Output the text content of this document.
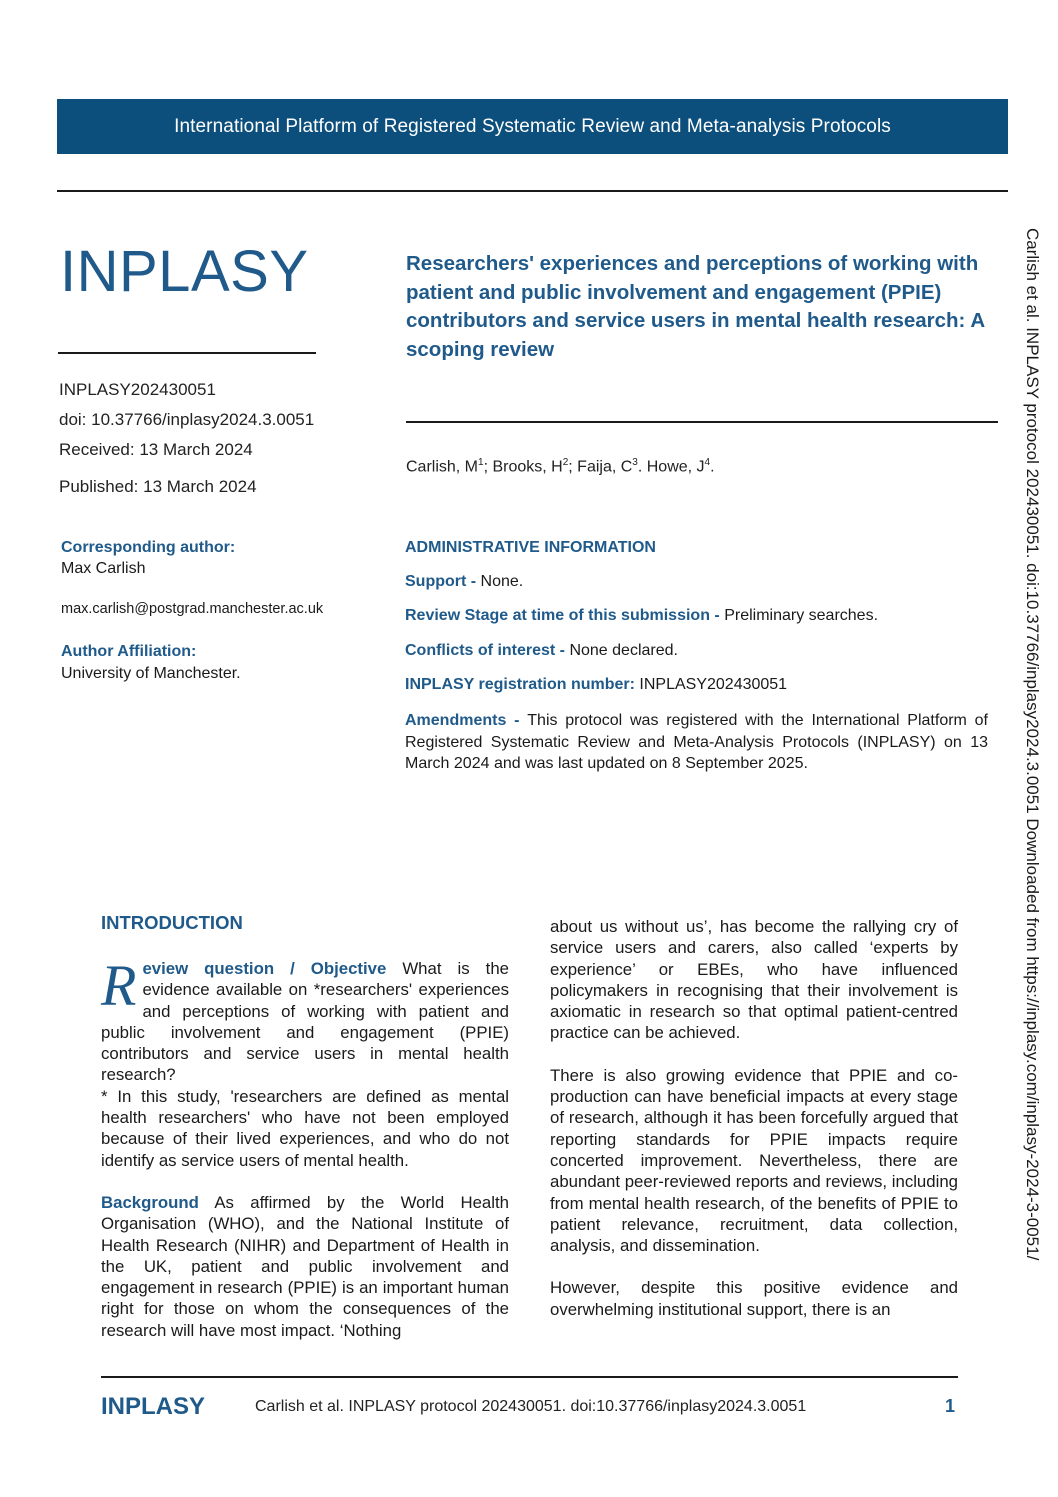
International Platform of Registered Systematic Review and Meta-analysis Protocols
INPLASY
INPLASY202430051
doi: 10.37766/inplasy2024.3.0051
Received: 13 March 2024
Published: 13 March 2024
Researchers' experiences and perceptions of working with patient and public involvement and engagement (PPIE) contributors and service users in mental health research: A scoping review
Carlish, $M^1$; Brooks, $H^2$; Faija, $C^3$. Howe, $J^4$.
Corresponding author:
Max Carlish
max.carlish@postgrad.manchester.ac.uk
Author Affiliation:
University of Manchester.
ADMINISTRATIVE INFORMATION
Support - None.
Review Stage at time of this submission - Preliminary searches.
Conflicts of interest - None declared.
INPLASY registration number: INPLASY202430051
Amendments - This protocol was registered with the International Platform of Registered Systematic Review and Meta-Analysis Protocols (INPLASY) on 13 March 2024 and was last updated on 8 September 2025.	Carlish et al. INPLASY protocol 202430051. doi:10.37766/inplasy2024.3.0051 Downloaded from https://inplasy.com/inplasy-2024-3-0051/
INTRODUCTION

Review question / Objective What is the evidence available on *researchers' experiences and perceptions of working with patient and public involvement and engagement (PPIE) contributors and service users in mental health research?

* In this study, 'researchers are defined as mental health researchers' who have not been employed because of their lived experiences, and who do not identify as service users of mental health.

Background As affirmed by the World Health Organisation (WHO), and the National Institute of Health Research (NIHR) and Department of Health in the UK, patient and public involvement and engagement in research (PPIE) is an important human right for those on whom the consequences of the research will have most impact. ‘Nothing

about us without us’, has become the rallying cry of service users and carers, also called ‘experts by experience’ or EBEs, who have influenced policymakers in recognising that their involvement is axiomatic in research so that optimal patient-centred practice can be achieved.

There is also growing evidence that PPIE and co-production can have beneficial impacts at every stage of research, although it has been forcefully argued that reporting standards for PPIE impacts require concerted improvement. Nevertheless, there are abundant peer-reviewed reports and reviews, including from mental health research, of the benefits of PPIE to patient relevance, recruitment, data collection, analysis, and dissemination.

However, despite this positive evidence and overwhelming institutional support, there is an

INPLASY	Carlish et al. INPLASY protocol 202430051. doi:10.37766/inplasy2024.3.0051	1
